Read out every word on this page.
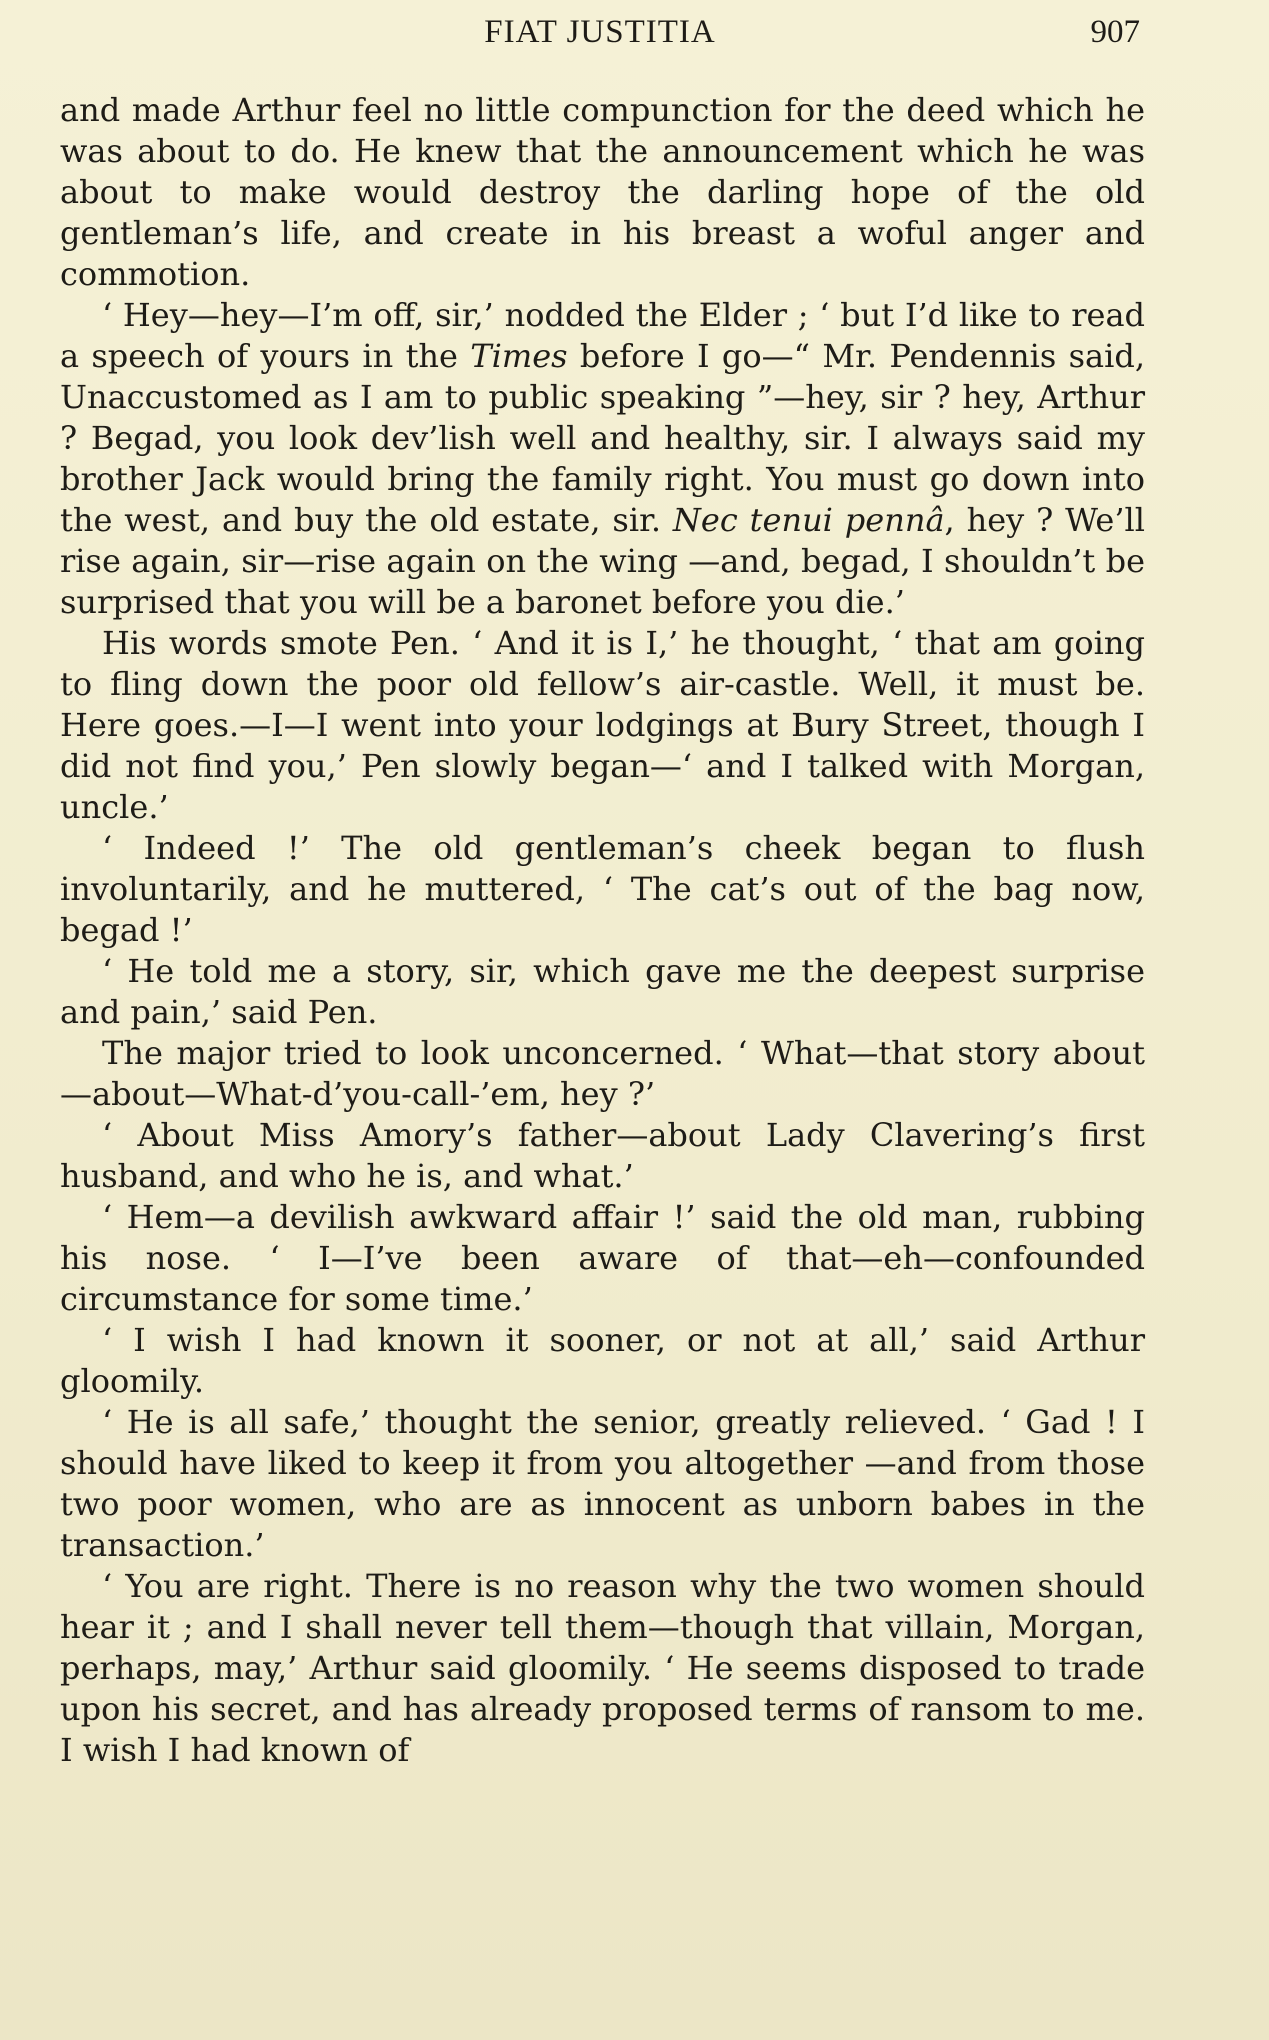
FIAT JUSTITIA	907

and made Arthur feel no little compunction for the deed which he was about to do. He knew that the announcement which he was about to make would destroy the darling hope of the old gentleman’s life, and create in his breast a woful anger and commotion.

‘ Hey—hey—I’m off, sir,’ nodded the Elder ; ‘ but I’d like to read a speech of yours in the Times before I go—“ Mr. Pendennis said, Unaccustomed as I am to public speaking ”—hey, sir ? hey, Arthur ? Begad, you look dev’lish well and healthy, sir. I always said my brother Jack would bring the family right. You must go down into the west, and buy the old estate, sir. Nec tenui pennâ, hey ? We’ll rise again, sir—rise again on the wing —and, begad, I shouldn’t be surprised that you will be a baronet before you die.’

His words smote Pen. ‘ And it is I,’ he thought, ‘ that am going to fling down the poor old fellow’s air-castle. Well, it must be. Here goes.—I—I went into your lodgings at Bury Street, though I did not find you,’ Pen slowly began—‘ and I talked with Morgan, uncle.’

‘ Indeed !’ The old gentleman’s cheek began to flush involuntarily, and he muttered, ‘ The cat’s out of the bag now, begad !’

‘ He told me a story, sir, which gave me the deepest surprise and pain,’ said Pen.

The major tried to look unconcerned. ‘ What—that story about—about—What-d’you-call-’em, hey ?’

‘ About Miss Amory’s father—about Lady Clavering’s first husband, and who he is, and what.’

‘ Hem—a devilish awkward affair !’ said the old man, rubbing his nose. ‘ I—I’ve been aware of that—eh—confounded circumstance for some time.’

‘ I wish I had known it sooner, or not at all,’ said Arthur gloomily.

‘ He is all safe,’ thought the senior, greatly relieved. ‘ Gad ! I should have liked to keep it from you altogether —and from those two poor women, who are as innocent as unborn babes in the transaction.’

‘ You are right. There is no reason why the two women should hear it ; and I shall never tell them—though that villain, Morgan, perhaps, may,’ Arthur said gloomily. ‘ He seems disposed to trade upon his secret, and has already proposed terms of ransom to me. I wish I had known of
